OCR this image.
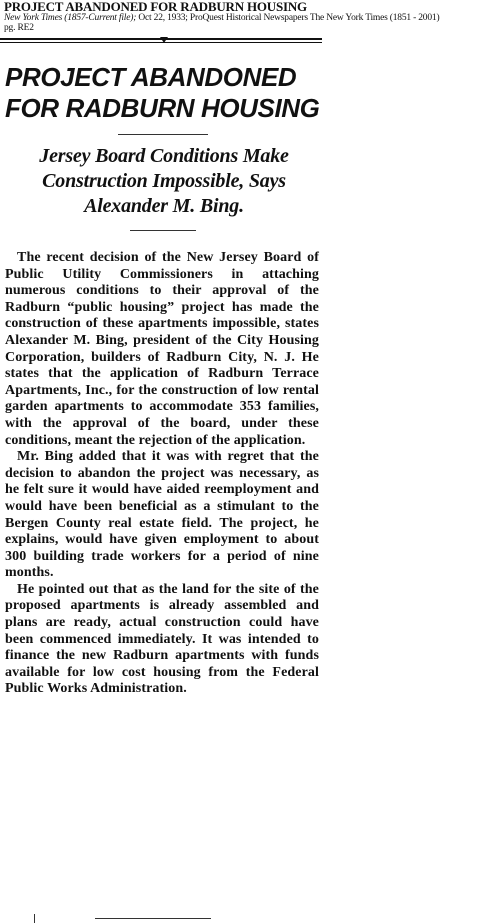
PROJECT ABANDONED FOR RADBURN HOUSING
New York Times (1857-Current file); Oct 22, 1933; ProQuest Historical Newspapers The New York Times (1851 - 2001)
pg. RE2
PROJECT ABANDONED FOR RADBURN HOUSING
Jersey Board Conditions Make Construction Impossible, Says Alexander M. Bing.

The recent decision of the New Jersey Board of Public Utility Commissioners in attaching numerous conditions to their approval of the Radburn “public housing” project has made the construction of these apartments impossible, states Alexander M. Bing, president of the City Housing Corporation, builders of Radburn City, N. J. He states that the application of Radburn Terrace Apartments, Inc., for the construction of low rental garden apartments to accommodate 353 families, with the approval of the board, under these conditions, meant the rejection of the application.

Mr. Bing added that it was with regret that the decision to abandon the project was necessary, as he felt sure it would have aided reemployment and would have been beneficial as a stimulant to the Bergen County real estate field. The project, he explains, would have given employment to about 300 building trade workers for a period of nine months.

He pointed out that as the land for the site of the proposed apartments is already assembled and plans are ready, actual construction could have been commenced immediately. It was intended to finance the new Radburn apartments with funds available for low cost housing from the Federal Public Works Administration.
